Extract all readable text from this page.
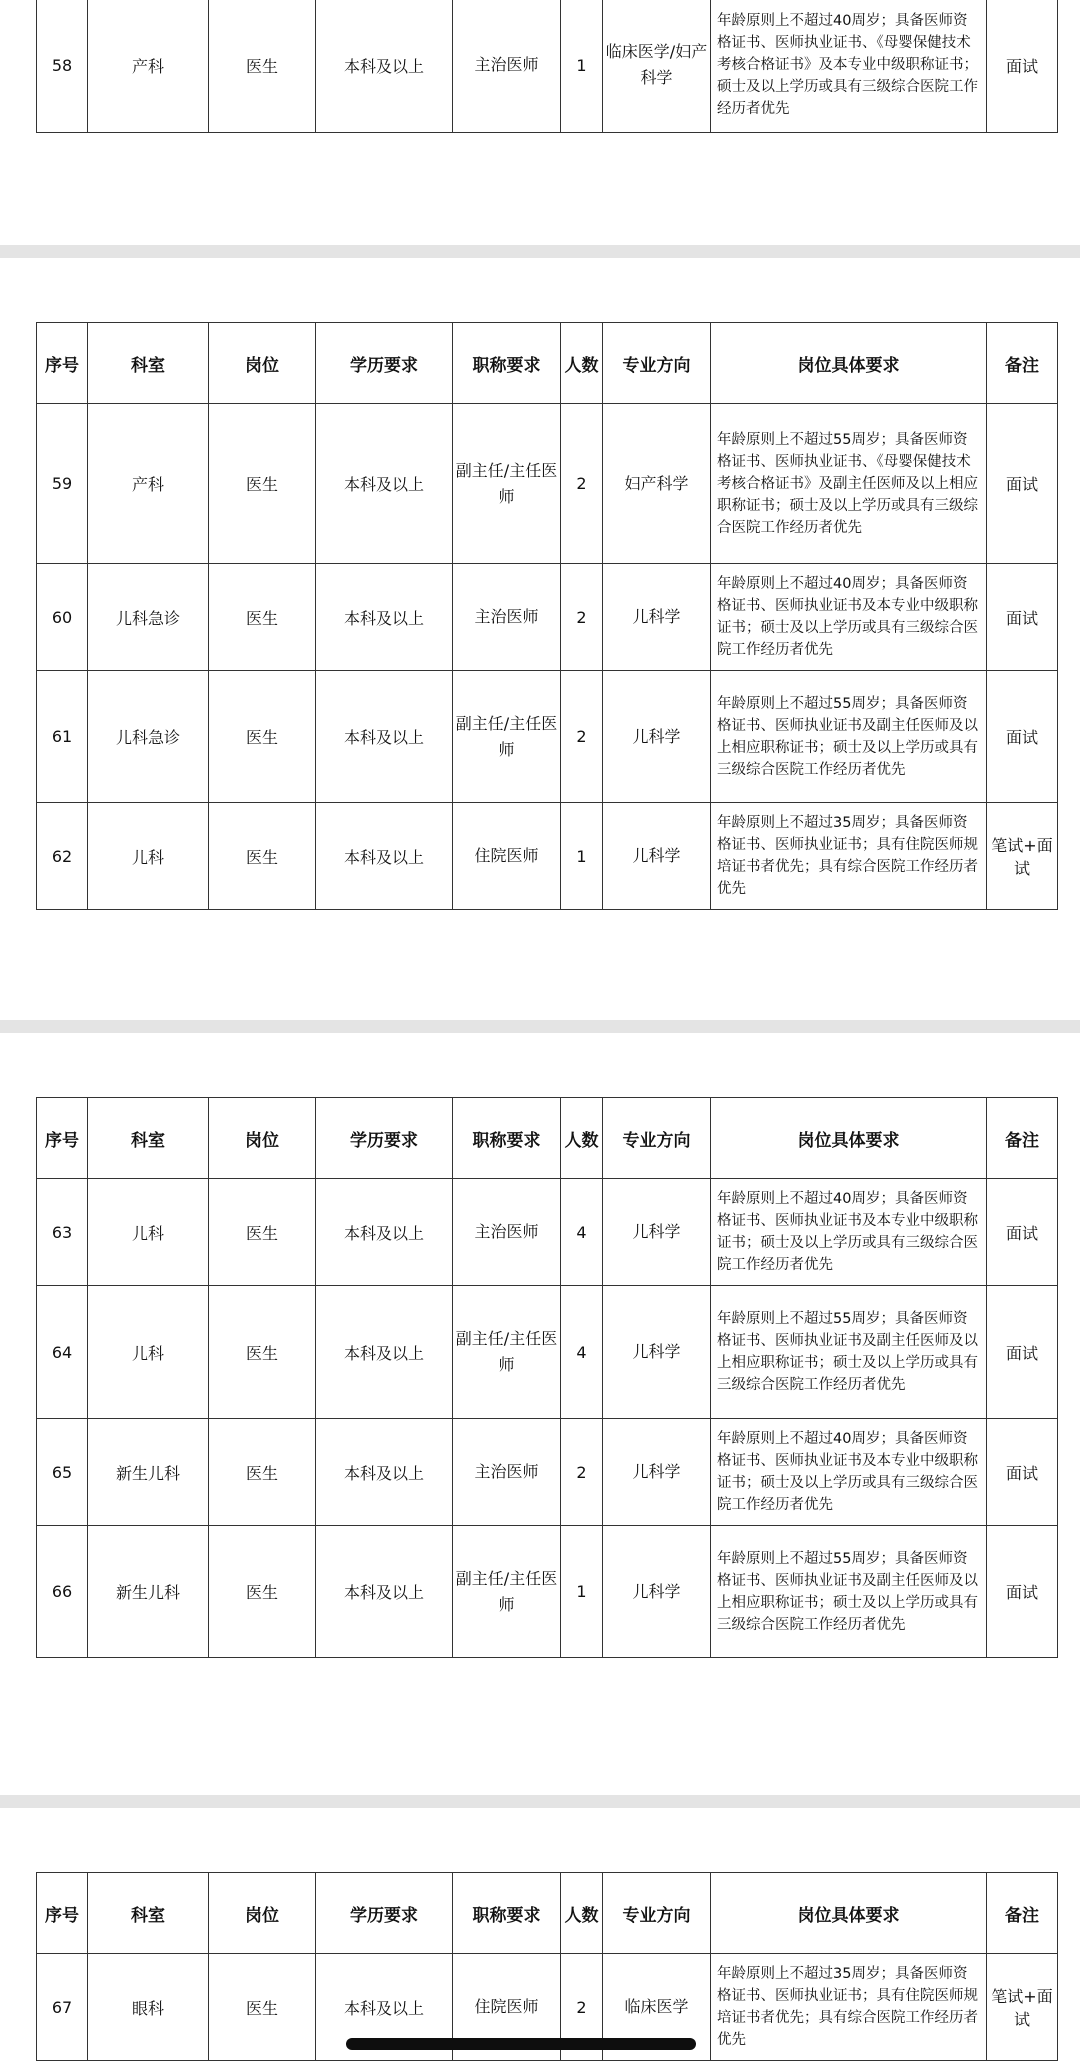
58	产科	医生	本科及以上	主治医师	1	临床医学/妇产科学	年龄原则上不超过40周岁；具备医师资格证书、医师执业证书、《母婴保健技术考核合格证书》及本专业中级职称证书；硕士及以上学历或具有三级综合医院工作经历者优先	面试
序号	科室	岗位	学历要求	职称要求	人数	专业方向	岗位具体要求	备注
59	产科	医生	本科及以上	副主任/主任医师	2	妇产科学	年龄原则上不超过55周岁；具备医师资格证书、医师执业证书、《母婴保健技术考核合格证书》及副主任医师及以上相应职称证书；硕士及以上学历或具有三级综合医院工作经历者优先	面试
60	儿科急诊	医生	本科及以上	主治医师	2	儿科学	年龄原则上不超过40周岁；具备医师资格证书、医师执业证书及本专业中级职称证书；硕士及以上学历或具有三级综合医院工作经历者优先	面试
61	儿科急诊	医生	本科及以上	副主任/主任医师	2	儿科学	年龄原则上不超过55周岁；具备医师资格证书、医师执业证书及副主任医师及以上相应职称证书；硕士及以上学历或具有三级综合医院工作经历者优先	面试
62	儿科	医生	本科及以上	住院医师	1	儿科学	年龄原则上不超过35周岁；具备医师资格证书、医师执业证书；具有住院医师规培证书者优先；具有综合医院工作经历者优先	笔试+面试
序号	科室	岗位	学历要求	职称要求	人数	专业方向	岗位具体要求	备注
63	儿科	医生	本科及以上	主治医师	4	儿科学	年龄原则上不超过40周岁；具备医师资格证书、医师执业证书及本专业中级职称证书；硕士及以上学历或具有三级综合医院工作经历者优先	面试
64	儿科	医生	本科及以上	副主任/主任医师	4	儿科学	年龄原则上不超过55周岁；具备医师资格证书、医师执业证书及副主任医师及以上相应职称证书；硕士及以上学历或具有三级综合医院工作经历者优先	面试
65	新生儿科	医生	本科及以上	主治医师	2	儿科学	年龄原则上不超过40周岁；具备医师资格证书、医师执业证书及本专业中级职称证书；硕士及以上学历或具有三级综合医院工作经历者优先	面试
66	新生儿科	医生	本科及以上	副主任/主任医师	1	儿科学	年龄原则上不超过55周岁；具备医师资格证书、医师执业证书及副主任医师及以上相应职称证书；硕士及以上学历或具有三级综合医院工作经历者优先	面试
序号	科室	岗位	学历要求	职称要求	人数	专业方向	岗位具体要求	备注
67	眼科	医生	本科及以上	住院医师	2	临床医学	年龄原则上不超过35周岁；具备医师资格证书、医师执业证书；具有住院医师规培证书者优先；具有综合医院工作经历者优先	笔试+面试
